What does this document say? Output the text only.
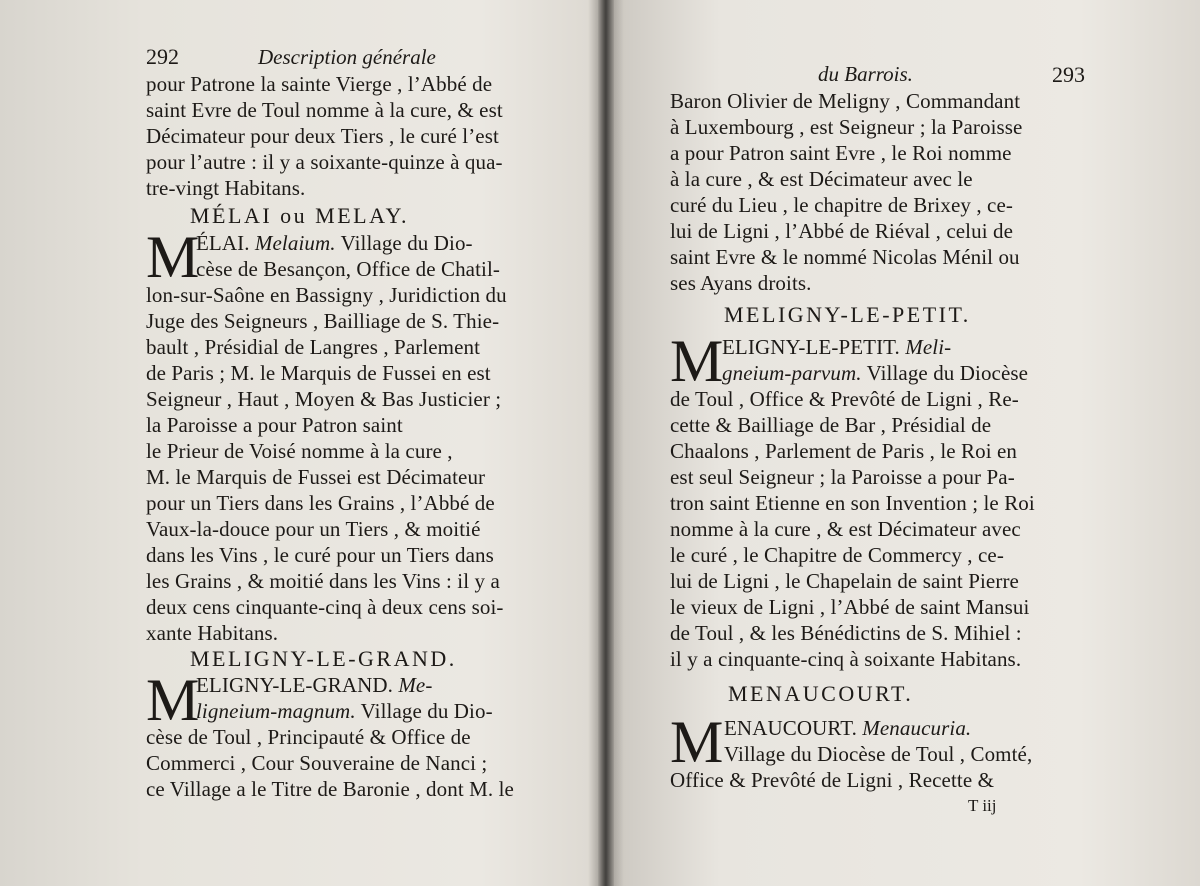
292	Description générale
pour Patrone la sainte Vierge , l’Abbé de
saint Evre de Toul nomme à la cure, & est
Décimateur pour deux Tiers , le curé l’est
pour l’autre : il y a soixante-quinze à qua-
tre-vingt Habitans.
MÉLAI ou MELAY.
M
ÉLAI. Melaium. Village du Dio-
cèse de Besançon, Office de Chatil-
lon-sur-Saône en Bassigny , Juridiction du
Juge des Seigneurs , Bailliage de S. Thie-
bault , Présidial de Langres , Parlement
de Paris ; M. le Marquis de Fussei en est
Seigneur , Haut , Moyen & Bas Justicier ;
la Paroisse a pour Patron saint
le Prieur de Voisé nomme à la cure ,
M. le Marquis de Fussei est Décimateur
pour un Tiers dans les Grains , l’Abbé de
Vaux-la-douce pour un Tiers , & moitié
dans les Vins , le curé pour un Tiers dans
les Grains , & moitié dans les Vins : il y a
deux cens cinquante-cinq à deux cens soi-
xante Habitans.
MELIGNY-LE-GRAND.
M
ELIGNY-LE-GRAND. Me-
ligneium-magnum. Village du Dio-
cèse de Toul , Principauté & Office de
Commerci , Cour Souveraine de Nanci ;
ce Village a le Titre de Baronie , dont M. le
du Barrois.	293
Baron Olivier de Meligny , Commandant
à Luxembourg , est Seigneur ; la Paroisse
a pour Patron saint Evre , le Roi nomme
à la cure , & est Décimateur avec le
curé du Lieu , le chapitre de Brixey , ce-
lui de Ligni , l’Abbé de Riéval , celui de
saint Evre & le nommé Nicolas Ménil ou
ses Ayans droits.
MELIGNY-LE-PETIT.
M
ELIGNY-LE-PETIT. Meli-
gneium-parvum. Village du Diocèse
de Toul , Office & Prevôté de Ligni , Re-
cette & Bailliage de Bar , Présidial de
Chaalons , Parlement de Paris , le Roi en
est seul Seigneur ; la Paroisse a pour Pa-
tron saint Etienne en son Invention ; le Roi
nomme à la cure , & est Décimateur avec
le curé , le Chapitre de Commercy , ce-
lui de Ligni , le Chapelain de saint Pierre
le vieux de Ligni , l’Abbé de saint Mansui
de Toul , & les Bénédictins de S. Mihiel :
il y a cinquante-cinq à soixante Habitans.
MENAUCOURT.
M ENAUCOURT. Menaucuria.
Village du Diocèse de Toul , Comté,
Office & Prevôté de Ligni , Recette &
T iij
